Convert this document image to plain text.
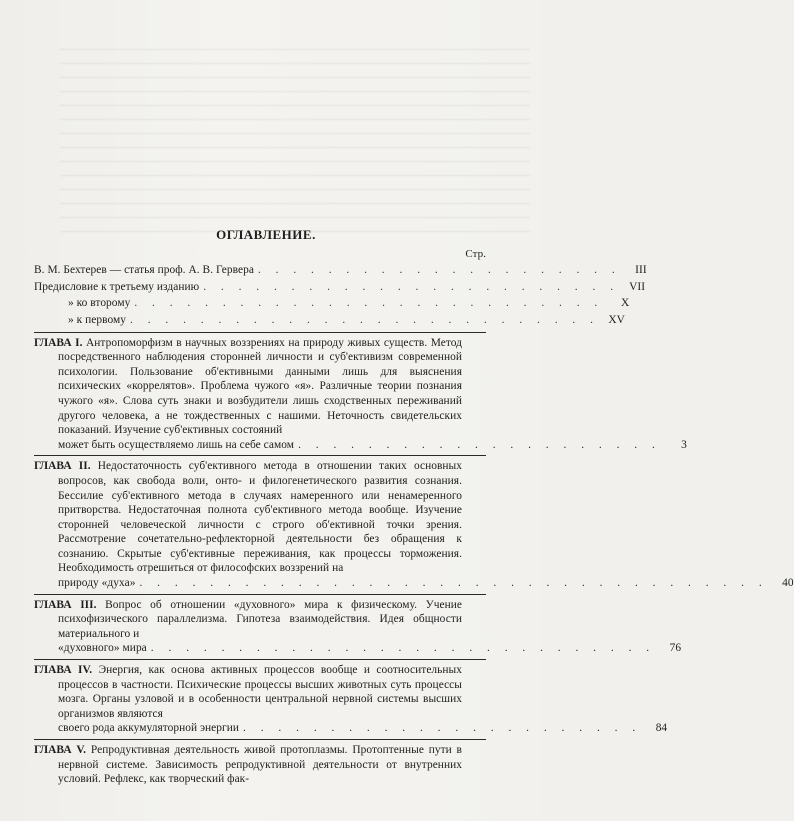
ОГЛАВЛЕНИЕ.
Стр.
В. М. Бехтерев — статья проф. А. В. Гервера . . . . . . . . . . . . . . . . . . . . .	III
Предисловие к третьему изданию . . . . . . . . . . . . . . . . . . . . . . . . VII
» ко второму . . . . . . . . . . . . . . . . . . . . . . . . . . .	X
» к первому . . . . . . . . . . . . . . . . . . . . . . . . . . . XV
ГЛАВА I. Антропоморфизм в научных воззрениях на природу живых существ. Метод посредственного наблюдения сторонней личности и суб'ективизм современной психологии. Пользование об'ективными данными лишь для выяснения психических «коррелятов». Проблема чужого «я». Различные теории познания чужого «я». Слова суть знаки и возбудители лишь сходственных переживаний другого человека, а не тождественных с нашими. Неточность свидетельских показаний. Изучение суб'ективных состояний
может быть осуществляемо лишь на себе самом . . . . . . . . . . . . . . . . . . . . .	3
ГЛАВА II. Недостаточность суб'ективного метода в отношении таких основных вопросов, как свобода воли, онто- и филогенетического развития сознания. Бессилие суб'ективного метода в случаях намеренного или ненамеренного притворства. Недостаточная полнота суб'ективного метода вообще. Изучение сторонней человеческой личности с строго об'ективной точки зрения. Рассмотрение сочетательно-рефлекторной деятельности без обращения к сознанию. Скрытые суб'ективные переживания, как процессы торможения. Необходимость отрешиться от философских воззрений на
природу «духа» . . . . . . . . . . . . . . . . . . . . . . . . . . . . . . . . . . . .	40
ГЛАВА III. Вопрос об отношении «духовного» мира к физическому. Учение психофизического параллелизма. Гипотеза взаимодействия. Идея общности материального и
«духовного» мира . . . . . . . . . . . . . . . . . . . . . . . . . . . . .	76
ГЛАВА IV. Энергия, как основа активных процессов вообще и соотносительных процессов в частности. Психические процессы высших животных суть процессы мозга. Органы узловой и в особенности центральной нервной системы высших организмов являются
своего рода аккумуляторной энергии . . . . . . . . . . . . . . . . . . . . . . .	84
ГЛАВА V. Репродуктивная деятельность живой протоплазмы. Протоптенные пути в нервной системе. Зависимость репродуктивной деятельности от внутренних условий. Рефлекс, как творческий фак-
